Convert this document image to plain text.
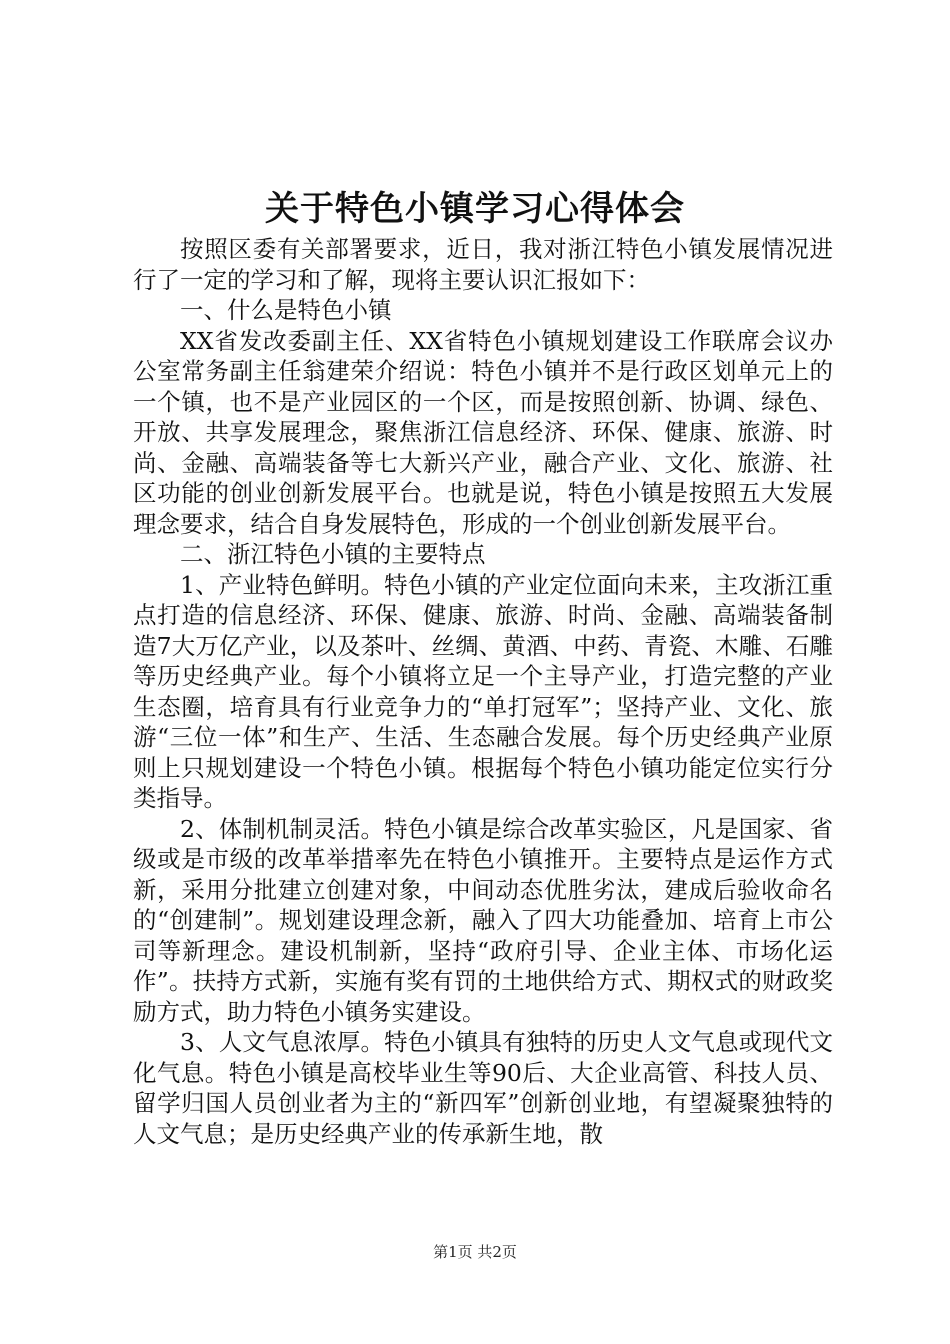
关于特色小镇学习心得体会

按照区委有关部署要求，近日，我对浙江特色小镇发展情况进行了一定的学习和了解，现将主要认识汇报如下：

一、什么是特色小镇

XX省发改委副主任、XX省特色小镇规划建设工作联席会议办公室常务副主任翁建荣介绍说：特色小镇并不是行政区划单元上的一个镇，也不是产业园区的一个区，而是按照创新、协调、绿色、开放、共享发展理念，聚焦浙江信息经济、环保、健康、旅游、时尚、金融、高端装备等七大新兴产业，融合产业、文化、旅游、社区功能的创业创新发展平台。也就是说，特色小镇是按照五大发展理念要求，结合自身发展特色，形成的一个创业创新发展平台。

二、浙江特色小镇的主要特点

1、产业特色鲜明。特色小镇的产业定位面向未来，主攻浙江重点打造的信息经济、环保、健康、旅游、时尚、金融、高端装备制造7大万亿产业，以及茶叶、丝绸、黄酒、中药、青瓷、木雕、石雕等历史经典产业。每个小镇将立足一个主导产业，打造完整的产业生态圈，培育具有行业竞争力的“单打冠军”；坚持产业、文化、旅游“三位一体”和生产、生活、生态融合发展。每个历史经典产业原则上只规划建设一个特色小镇。根据每个特色小镇功能定位实行分类指导。

2、体制机制灵活。特色小镇是综合改革实验区，凡是国家、省级或是市级的改革举措率先在特色小镇推开。主要特点是运作方式新，采用分批建立创建对象，中间动态优胜劣汰，建成后验收命名的“创建制”。规划建设理念新，融入了四大功能叠加、培育上市公司等新理念。建设机制新，坚持“政府引导、企业主体、市场化运作”。扶持方式新，实施有奖有罚的土地供给方式、期权式的财政奖励方式，助力特色小镇务实建设。

3、人文气息浓厚。特色小镇具有独特的历史人文气息或现代文化气息。特色小镇是高校毕业生等90后、大企业高管、科技人员、留学归国人员创业者为主的“新四军”创新创业地，有望凝聚独特的人文气息；是历史经典产业的传承新生地，散

第1页 共2页
